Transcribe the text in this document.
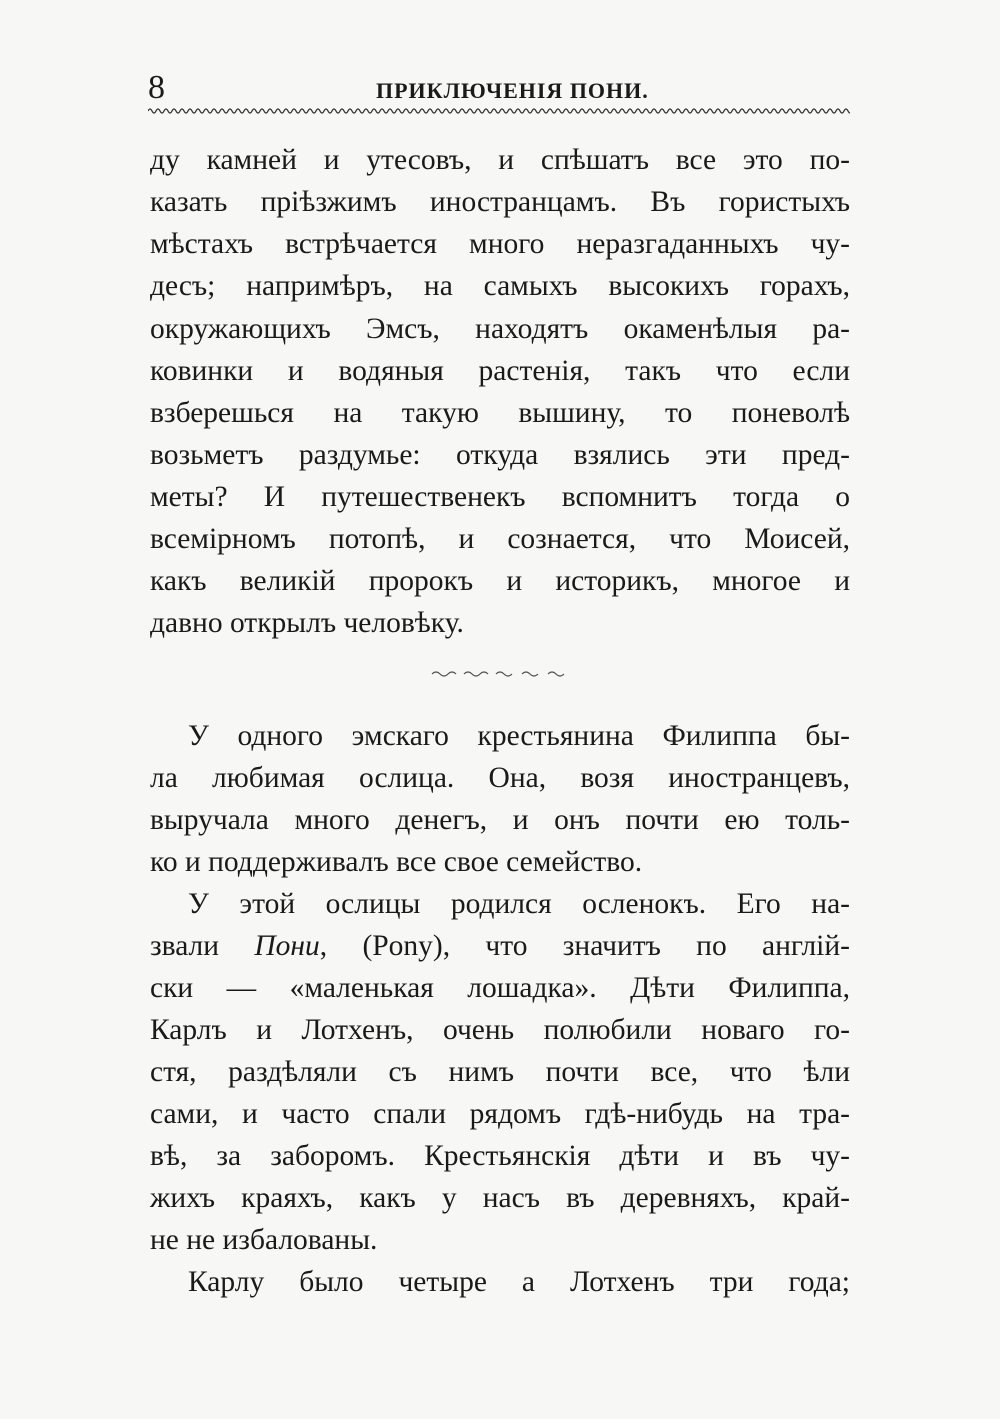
8	ПРИКЛЮЧЕНІЯ ПОНИ.
ду камней и утесовъ, и спѣшатъ все это по-
казать пріѣзжимъ иностранцамъ. Въ гористыхъ
мѣстахъ встрѣчается много неразгаданныхъ чу-
десъ; напримѣръ, на самыхъ высокихъ горахъ,
окружающихъ Эмсъ, находятъ окаменѣлыя ра-
ковинки и водяныя растенія, такъ что если
взберешься на такую вышину, то поневолѣ
возьметъ раздумье: откуда взялись эти пред-
меты? И путешественекъ вспомнитъ тогда о
всемірномъ потопѣ, и сознается, что Моисей,
какъ великій пророкъ и историкъ, многое и
давно открылъ человѣку.
У одного эмскаго крестьянина Филиппа бы-
ла любимая ослица. Она, возя иностранцевъ,
выручала много денегъ, и онъ почти ею толь-
ко и поддерживалъ все свое семейство.
У этой ослицы родился осленокъ. Его на-
звали Пони, (Pony), что значитъ по англій-
ски — «маленькая лошадка». Дѣти Филиппа,
Карлъ и Лотхенъ, очень полюбили новаго го-
стя, раздѣляли съ нимъ почти все, что ѣли
сами, и часто спали рядомъ гдѣ-нибудь на тра-
вѣ, за заборомъ. Крестьянскія дѣти и въ чу-
жихъ краяхъ, какъ у насъ въ деревняхъ, край-
не не избалованы.
Карлу было четыре а Лотхенъ три года;
